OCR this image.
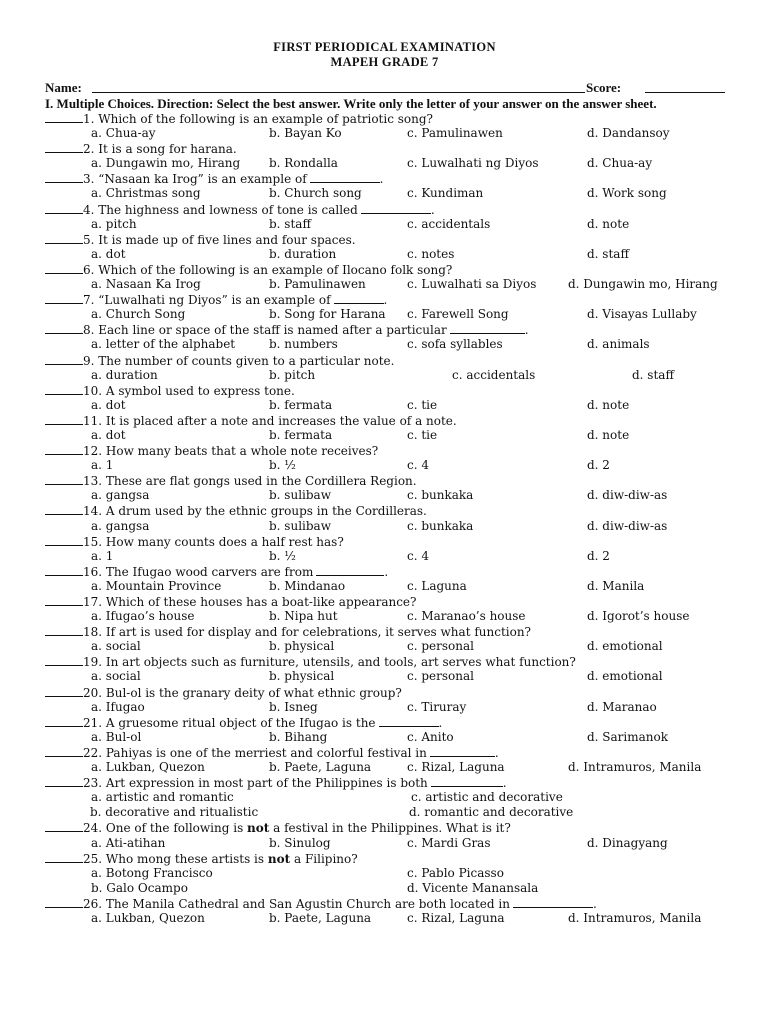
FIRST PERIODICAL EXAMINATION
MAPEH GRADE 7
Name:	Score:
I. Multiple Choices. Direction: Select the best answer. Write only the letter of your answer on the answer sheet.
1. Which of the following is an example of patriotic song?
a. Chua-ay	b. Bayan Ko	c. Pamulinawen	d. Dandansoy
2. It is a song for harana.
a. Dungawin mo, Hirang b. Rondalla	c. Luwalhati ng Diyos	d. Chua-ay
3. “Nasaan ka Irog” is an example of	.
a. Christmas song	b. Church song	c. Kundiman	d. Work song
4. The highness and lowness of tone is called	.
a. pitch	b. staff	c. accidentals	d. note
5. It is made up of five lines and four spaces.
a. dot	b. duration	c. notes	d. staff
6. Which of the following is an example of Ilocano folk song?
a. Nasaan Ka Irog	b. Pamulinawen	c. Luwalhati sa Diyos	d. Dungawin mo, Hirang
7. “Luwalhati ng Diyos” is an example of	.
a. Church Song	b. Song for Harana c. Farewell Song	d. Visayas Lullaby
8. Each line or space of the staff is named after a particular	.
a. letter of the alphabet	b. numbers	c. sofa syllables	d. animals
9. The number of counts given to a particular note.
a. duration	b. pitch	c. accidentals	d. staff
10. A symbol used to express tone.
a. dot	b. fermata	c. tie	d. note
11. It is placed after a note and increases the value of a note.
a. dot	b. fermata	c. tie	d. note
12. How many beats that a whole note receives?
a. 1	b. ½	c. 4	d. 2
13. These are flat gongs used in the Cordillera Region.
a. gangsa	b. sulibaw	c. bunkaka	d. diw-diw-as
14. A drum used by the ethnic groups in the Cordilleras.
a. gangsa	b. sulibaw	c. bunkaka	d. diw-diw-as
15. How many counts does a half rest has?
a. 1	b. ½	c. 4	d. 2
16. The Ifugao wood carvers are from	.
a. Mountain Province	b. Mindanao	c. Laguna	d. Manila
17. Which of these houses has a boat-like appearance?
a. Ifugao’s house	b. Nipa hut	c. Maranao’s house	d. Igorot’s house
18. If art is used for display and for celebrations, it serves what function?
a. social	b. physical	c. personal	d. emotional
19. In art objects such as furniture, utensils, and tools, art serves what function?
a. social	b. physical	c. personal	d. emotional
20. Bul-ol is the granary deity of what ethnic group?
a. Ifugao	b. Isneg	c. Tiruray	d. Maranao
21. A gruesome ritual object of the Ifugao is the	.
a. Bul-ol	b. Bihang	c. Anito	d. Sarimanok
22. Pahiyas is one of the merriest and colorful festival in	.
a. Lukban, Quezon	b. Paete, Laguna	c. Rizal, Laguna	d. Intramuros, Manila
23. Art expression in most part of the Philippines is both	.
a. artistic and romantic	c. artistic and decorative
b. decorative and ritualistic	d. romantic and decorative
24. One of the following is not a festival in the Philippines. What is it?
a. Ati-atihan	b. Sinulog	c. Mardi Gras	d. Dinagyang
25. Who mong these artists is not a Filipino?
a. Botong Francisco	c. Pablo Picasso
b. Galo Ocampo	d. Vicente Manansala
26. The Manila Cathedral and San Agustin Church are both located in	.
a. Lukban, Quezon	b. Paete, Laguna	c. Rizal, Laguna	d. Intramuros, Manila
